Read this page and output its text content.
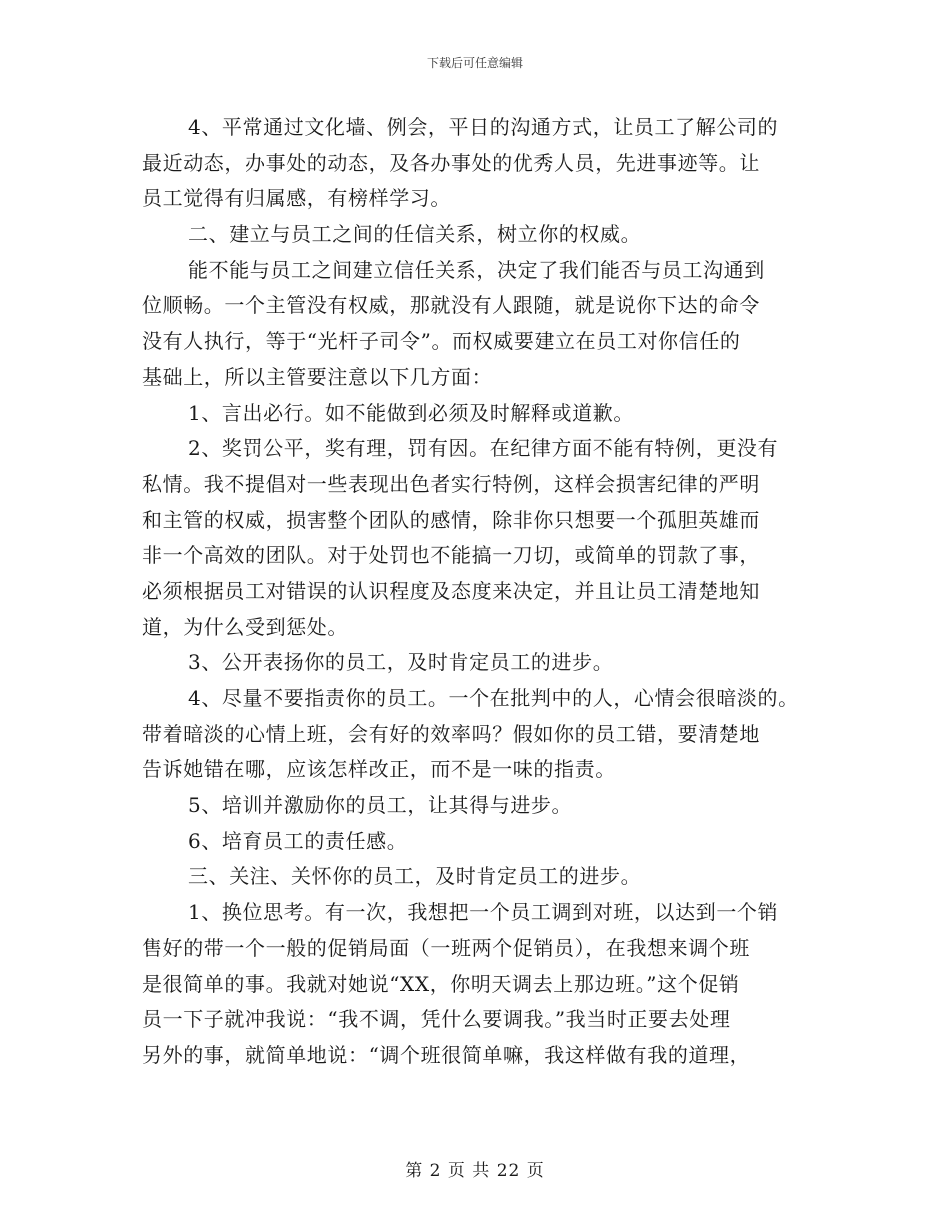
下载后可任意编辑
4、平常通过文化墙、例会，平日的沟通方式，让员工了解公司的
最近动态，办事处的动态，及各办事处的优秀人员，先进事迹等。让
员工觉得有归属感，有榜样学习。
二、建立与员工之间的任信关系，树立你的权威。
能不能与员工之间建立信任关系，决定了我们能否与员工沟通到
位顺畅。一个主管没有权威，那就没有人跟随，就是说你下达的命令
没有人执行，等于“光杆子司令”。而权威要建立在员工对你信任的
基础上，所以主管要注意以下几方面：
1、言出必行。如不能做到必须及时解释或道歉。
2、奖罚公平，奖有理，罚有因。在纪律方面不能有特例，更没有
私情。我不提倡对一些表现出色者实行特例，这样会损害纪律的严明
和主管的权威，损害整个团队的感情，除非你只想要一个孤胆英雄而
非一个高效的团队。对于处罚也不能搞一刀切，或简单的罚款了事，
必须根据员工对错误的认识程度及态度来决定，并且让员工清楚地知
道，为什么受到惩处。
3、公开表扬你的员工，及时肯定员工的进步。
4、尽量不要指责你的员工。一个在批判中的人，心情会很暗淡的。
带着暗淡的心情上班，会有好的效率吗？假如你的员工错，要清楚地
告诉她错在哪，应该怎样改正，而不是一味的指责。
5、培训并激励你的员工，让其得与进步。
6、培育员工的责任感。
三、关注、关怀你的员工，及时肯定员工的进步。
1、换位思考。有一次，我想把一个员工调到对班，以达到一个销
售好的带一个一般的促销局面（一班两个促销员），在我想来调个班
是很简单的事。我就对她说“XX，你明天调去上那边班。”这个促销
员一下子就冲我说：“我不调，凭什么要调我。”我当时正要去处理
另外的事，就简单地说：“调个班很简单嘛，我这样做有我的道理，
第 2 页 共 22 页
